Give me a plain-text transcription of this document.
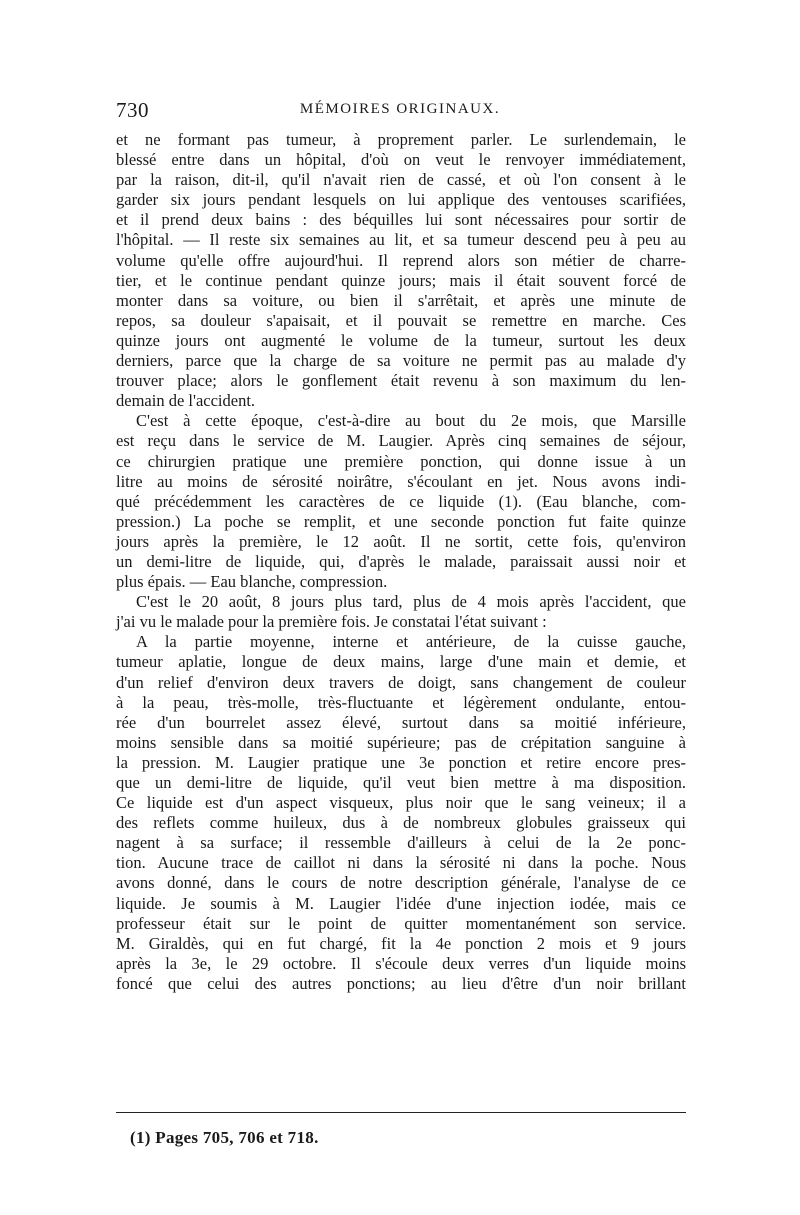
730	MÉMOIRES ORIGINAUX.
et ne formant pas tumeur, à proprement parler. Le surlendemain, le
blessé entre dans un hôpital, d'où on veut le renvoyer immédiatement,
par la raison, dit-il, qu'il n'avait rien de cassé, et où l'on consent à le
garder six jours pendant lesquels on lui applique des ventouses scarifiées,
et il prend deux bains : des béquilles lui sont nécessaires pour sortir de
l'hôpital. — Il reste six semaines au lit, et sa tumeur descend peu à peu au
volume qu'elle offre aujourd'hui. Il reprend alors son métier de charre-
tier, et le continue pendant quinze jours; mais il était souvent forcé de
monter dans sa voiture, ou bien il s'arrêtait, et après une minute de
repos, sa douleur s'apaisait, et il pouvait se remettre en marche. Ces
quinze jours ont augmenté le volume de la tumeur, surtout les deux
derniers, parce que la charge de sa voiture ne permit pas au malade d'y
trouver place; alors le gonflement était revenu à son maximum du len-
demain de l'accident.
C'est à cette époque, c'est-à-dire au bout du 2e mois, que Marsille
est reçu dans le service de M. Laugier. Après cinq semaines de séjour,
ce chirurgien pratique une première ponction, qui donne issue à un
litre au moins de sérosité noirâtre, s'écoulant en jet. Nous avons indi-
qué précédemment les caractères de ce liquide (1). (Eau blanche, com-
pression.) La poche se remplit, et une seconde ponction fut faite quinze
jours après la première, le 12 août. Il ne sortit, cette fois, qu'environ
un demi-litre de liquide, qui, d'après le malade, paraissait aussi noir et
plus épais. — Eau blanche, compression.
C'est le 20 août, 8 jours plus tard, plus de 4 mois après l'accident, que
j'ai vu le malade pour la première fois. Je constatai l'état suivant :
A la partie moyenne, interne et antérieure, de la cuisse gauche,
tumeur aplatie, longue de deux mains, large d'une main et demie, et
d'un relief d'environ deux travers de doigt, sans changement de couleur
à la peau, très-molle, très-fluctuante et légèrement ondulante, entou-
rée d'un bourrelet assez élevé, surtout dans sa moitié inférieure,
moins sensible dans sa moitié supérieure; pas de crépitation sanguine à
la pression. M. Laugier pratique une 3e ponction et retire encore pres-
que un demi-litre de liquide, qu'il veut bien mettre à ma disposition.
Ce liquide est d'un aspect visqueux, plus noir que le sang veineux; il a
des reflets comme huileux, dus à de nombreux globules graisseux qui
nagent à sa surface; il ressemble d'ailleurs à celui de la 2e ponc-
tion. Aucune trace de caillot ni dans la sérosité ni dans la poche. Nous
avons donné, dans le cours de notre description générale, l'analyse de ce
liquide. Je soumis à M. Laugier l'idée d'une injection iodée, mais ce
professeur était sur le point de quitter momentanément son service.
M. Giraldès, qui en fut chargé, fit la 4e ponction 2 mois et 9 jours
après la 3e, le 29 octobre. Il s'écoule deux verres d'un liquide moins
foncé que celui des autres ponctions; au lieu d'être d'un noir brillant
(1) Pages 705, 706 et 718.
